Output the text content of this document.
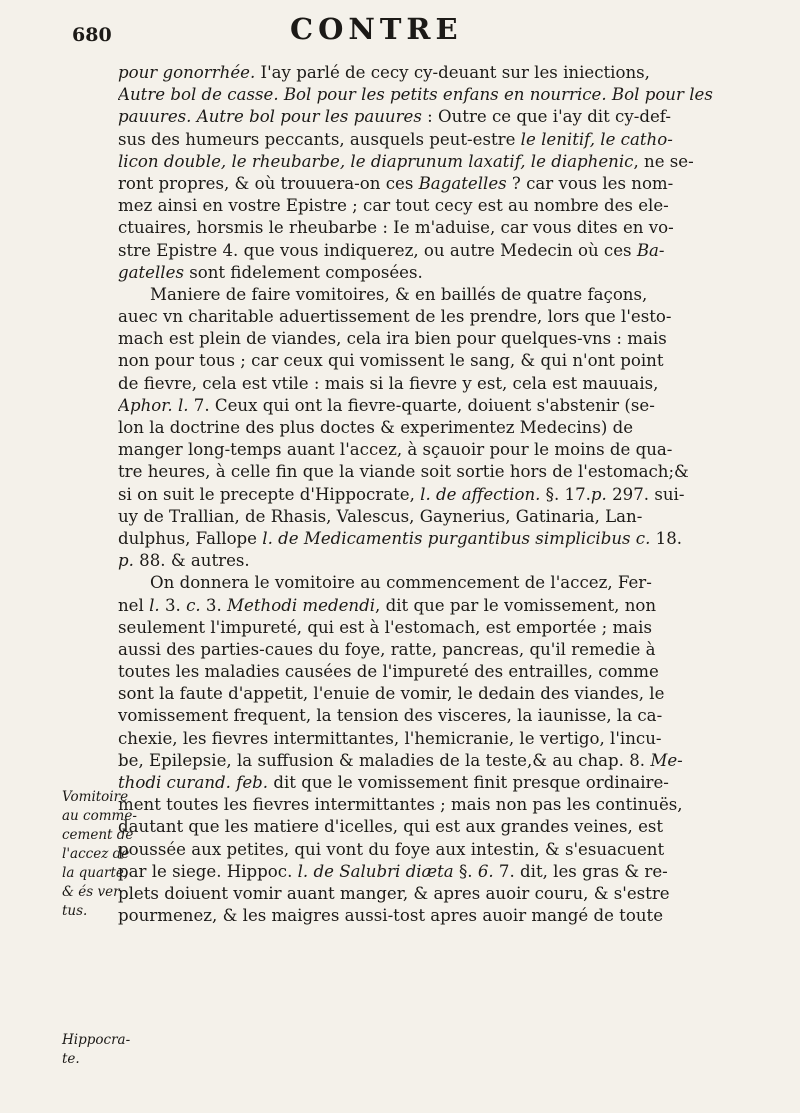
680	CONTRE
Vomitoire
au comme-
cement de
l'accez de
la quarte,
& és ver
tus.
Hippocra-
te.
pour gonorrhée. I'ay parlé de cecy cy-deuant sur les iniections,
Autre bol de casse. Bol pour les petits enfans en nourrice. Bol pour les
pauures. Autre bol pour les pauures : Outre ce que i'ay dit cy-def-
sus des humeurs peccants, ausquels peut-estre le lenitif, le catho-
licon double, le rheubarbe, le diaprunum laxatif, le diaphenic, ne se-
ront propres, & où trouuera-on ces Bagatelles ? car vous les nom-
mez ainsi en vostre Epistre ; car tout cecy est au nombre des ele-
ctuaires, horsmis le rheubarbe : Ie m'aduise, car vous dites en vo-
stre Epistre 4. que vous indiquerez, ou autre Medecin où ces Ba-
gatelles sont fidelement composées.
Maniere de faire vomitoires, & en baillés de quatre façons,
auec vn charitable aduertissement de les prendre, lors que l'esto-
mach est plein de viandes, cela ira bien pour quelques-vns : mais
non pour tous ; car ceux qui vomissent le sang, & qui n'ont point
de fievre, cela est vtile : mais si la fievre y est, cela est mauuais,
Aphor. l. 7. Ceux qui ont la fievre-quarte, doiuent s'abstenir (se-
lon la doctrine des plus doctes & experimentez Medecins) de
manger long-temps auant l'accez, à sçauoir pour le moins de qua-
tre heures, à celle fin que la viande soit sortie hors de l'estomach;&
si on suit le precepte d'Hippocrate, l. de affection. §. 17.p. 297. sui-
uy de Trallian, de Rhasis, Valescus, Gaynerius, Gatinaria, Lan-
dulphus, Fallope l. de Medicamentis purgantibus simplicibus c. 18.
p. 88. & autres.
On donnera le vomitoire au commencement de l'accez, Fer-
nel l. 3. c. 3. Methodi medendi, dit que par le vomissement, non
seulement l'impureté, qui est à l'estomach, est emportée ; mais
aussi des parties-caues du foye, ratte, pancreas, qu'il remedie à
toutes les maladies causées de l'impureté des entrailles, comme
sont la faute d'appetit, l'enuie de vomir, le dedain des viandes, le
vomissement frequent, la tension des visceres, la iaunisse, la ca-
chexie, les fievres intermittantes, l'hemicranie, le vertigo, l'incu-
be, Epilepsie, la suffusion & maladies de la teste,& au chap. 8. Me-
thodi curand. feb. dit que le vomissement finit presque ordinaire-
ment toutes les fievres intermittantes ; mais non pas les continuës,
dautant que les matiere d'icelles, qui est aux grandes veines, est
poussée aux petites, qui vont du foye aux intestin, & s'esuacuent
par le siege. Hippoc. l. de Salubri diæta §. 6. 7. dit, les gras & re-
plets doiuent vomir auant manger, & apres auoir couru, & s'estre
pourmenez, & les maigres aussi-tost apres auoir mangé de toute
